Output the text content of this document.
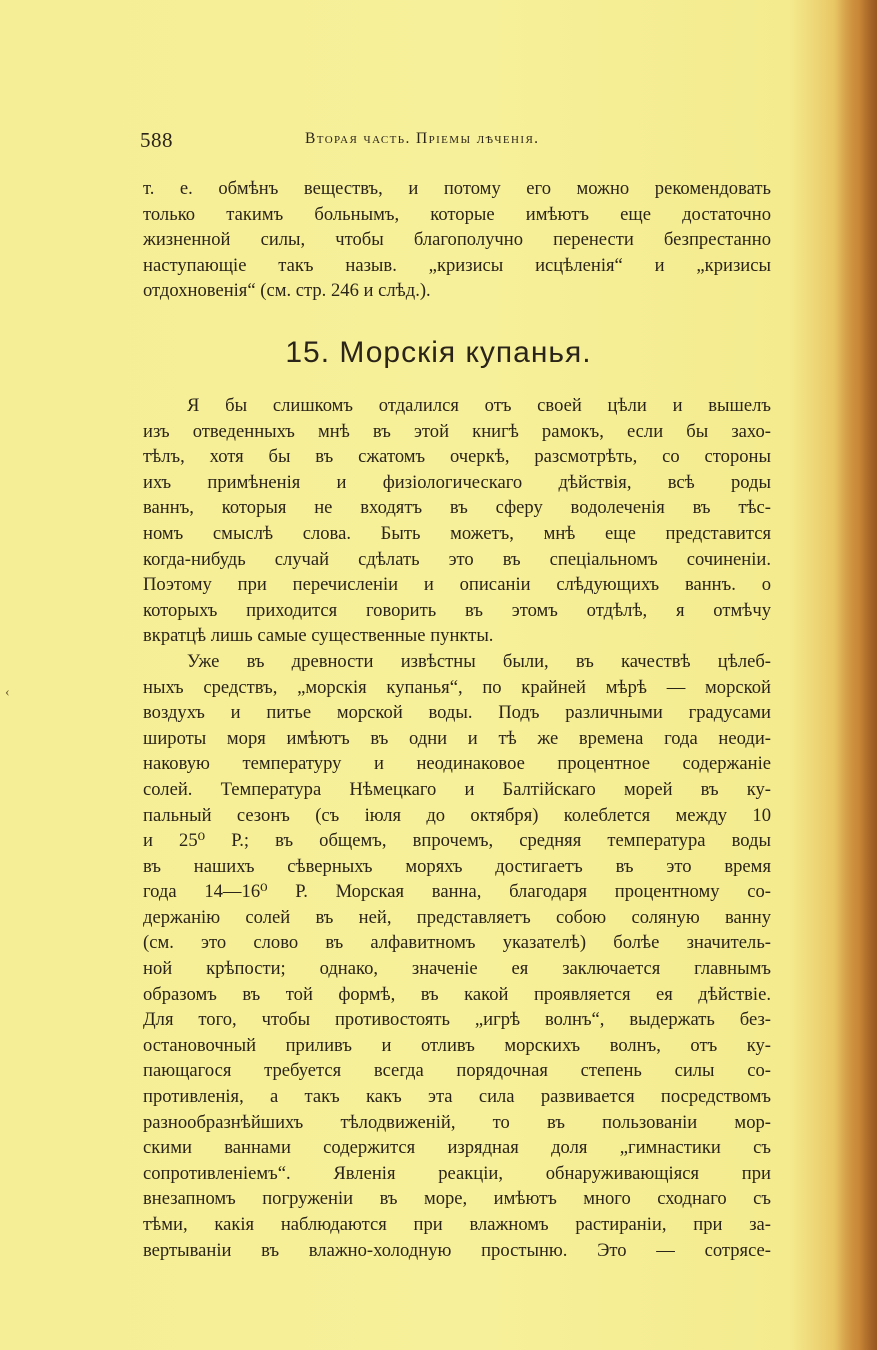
‹
588	Вторая часть. Пріемы лѣченія.
т. е. обмѣнъ веществъ, и потому его можно рекомендовать
только такимъ больнымъ, которые имѣютъ еще достаточно
жизненной силы, чтобы благополучно перенести безпрестанно
наступающіе такъ назыв. „кризисы исцѣленія“ и „кризисы
отдохновенія“ (см. стр. 246 и слѣд.).
15. Морскія купанья.
Я бы слишкомъ отдалился отъ своей цѣли и вышелъ
изъ отведенныхъ мнѣ въ этой книгѣ рамокъ, если бы захо-
тѣлъ, хотя бы въ сжатомъ очеркѣ, разсмотрѣть, со стороны
ихъ примѣненія и физіологическаго дѣйствія, всѣ роды
ваннъ, которыя не входятъ въ сферу водолеченія въ тѣс-
номъ смыслѣ слова. Быть можетъ, мнѣ еще представится
когда-нибудь случай сдѣлать это въ спеціальномъ сочиненіи.
Поэтому при перечисленіи и описаніи слѣдующихъ ваннъ. о
которыхъ приходится говорить въ этомъ отдѣлѣ, я отмѣчу
вкратцѣ лишь самые существенные пункты.
Уже въ древности извѣстны были, въ качествѣ цѣлеб-
ныхъ средствъ, „морскія купанья“, по крайней мѣрѣ — морской
воздухъ и питье морской воды. Подъ различными градусами
широты моря имѣютъ въ одни и тѣ же времена года неоди-
наковую температуру и неодинаковое процентное содержаніе
солей. Температура Нѣмецкаго и Балтійскаго морей въ ку-
пальный сезонъ (съ іюля до октября) колеблется между 10
и 25⁰ Р.; въ общемъ, впрочемъ, средняя температура воды
въ нашихъ сѣверныхъ моряхъ достигаетъ въ это время
года 14—16⁰ Р. Морская ванна, благодаря процентному со-
держанію солей въ ней, представляетъ собою соляную ванну
(см. это слово въ алфавитномъ указателѣ) болѣе значитель-
ной крѣпости; однако, значеніе ея заключается главнымъ
образомъ въ той формѣ, въ какой проявляется ея дѣйствіе.
Для того, чтобы противостоять „игрѣ волнъ“, выдержать без-
остановочный приливъ и отливъ морскихъ волнъ, отъ ку-
пающагося требуется всегда порядочная степень силы со-
противленія, а такъ какъ эта сила развивается посредствомъ
разнообразнѣйшихъ тѣлодвиженій, то въ пользованіи мор-
скими ваннами содержится изрядная доля „гимнастики съ
сопротивленіемъ“. Явленія реакціи, обнаруживающіяся при
внезапномъ погруженіи въ море, имѣютъ много сходнаго съ
тѣми, какія наблюдаются при влажномъ растираніи, при за-
вертываніи въ влажно-холодную простыню. Это — сотрясе-
